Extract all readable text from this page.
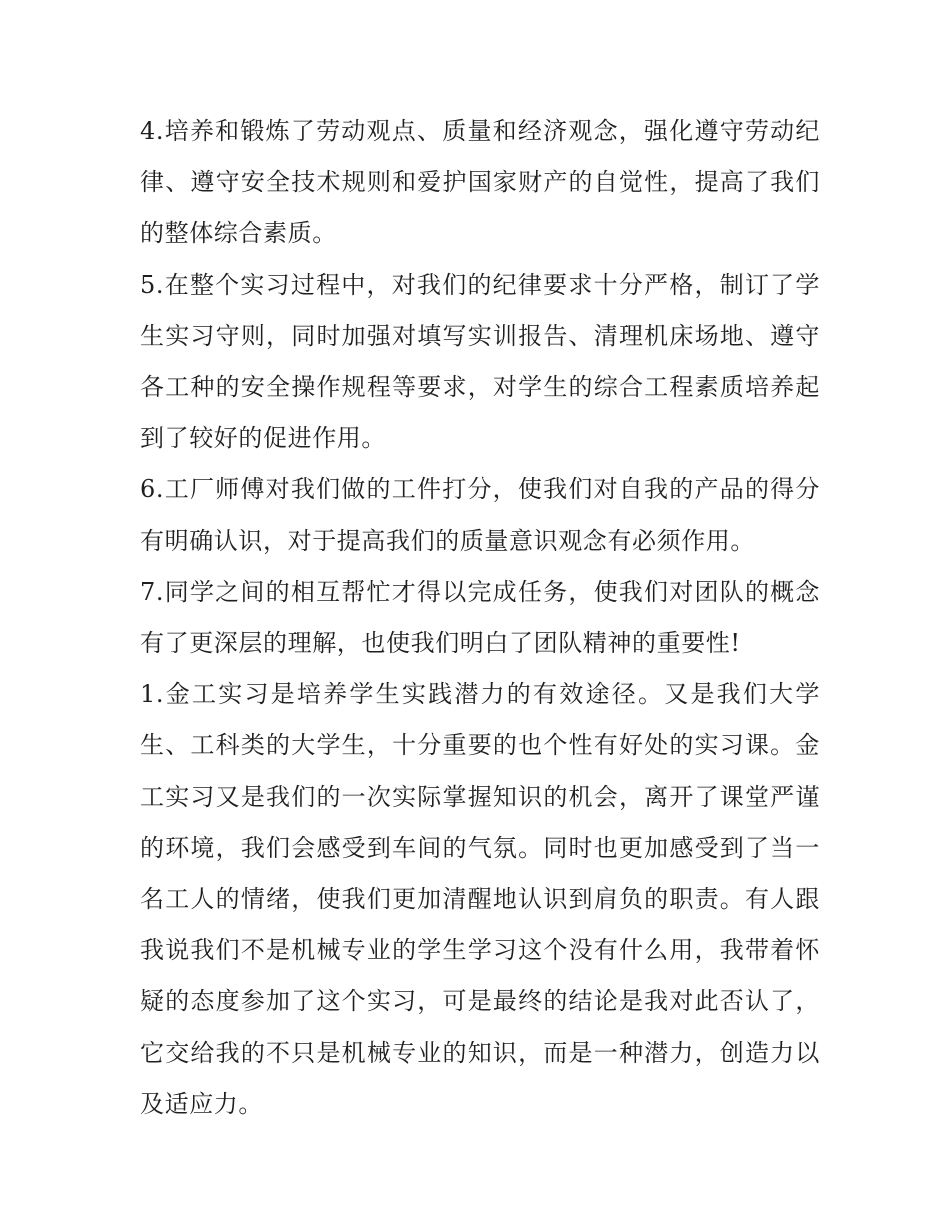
4.培养和锻炼了劳动观点、质量和经济观念，强化遵守劳动纪律、遵守安全技术规则和爱护国家财产的自觉性，提高了我们的整体综合素质。

5.在整个实习过程中，对我们的纪律要求十分严格，制订了学生实习守则，同时加强对填写实训报告、清理机床场地、遵守各工种的安全操作规程等要求，对学生的综合工程素质培养起到了较好的促进作用。

6.工厂师傅对我们做的工件打分，使我们对自我的产品的得分有明确认识，对于提高我们的质量意识观念有必须作用。

7.同学之间的相互帮忙才得以完成任务，使我们对团队的概念有了更深层的理解，也使我们明白了团队精神的重要性!

1.金工实习是培养学生实践潜力的有效途径。又是我们大学生、工科类的大学生，十分重要的也个性有好处的实习课。金工实习又是我们的一次实际掌握知识的机会，离开了课堂严谨的环境，我们会感受到车间的气氛。同时也更加感受到了当一名工人的情绪，使我们更加清醒地认识到肩负的职责。有人跟我说我们不是机械专业的学生学习这个没有什么用，我带着怀疑的态度参加了这个实习，可是最终的结论是我对此否认了，它交给我的不只是机械专业的知识，而是一种潜力，创造力以及适应力。
